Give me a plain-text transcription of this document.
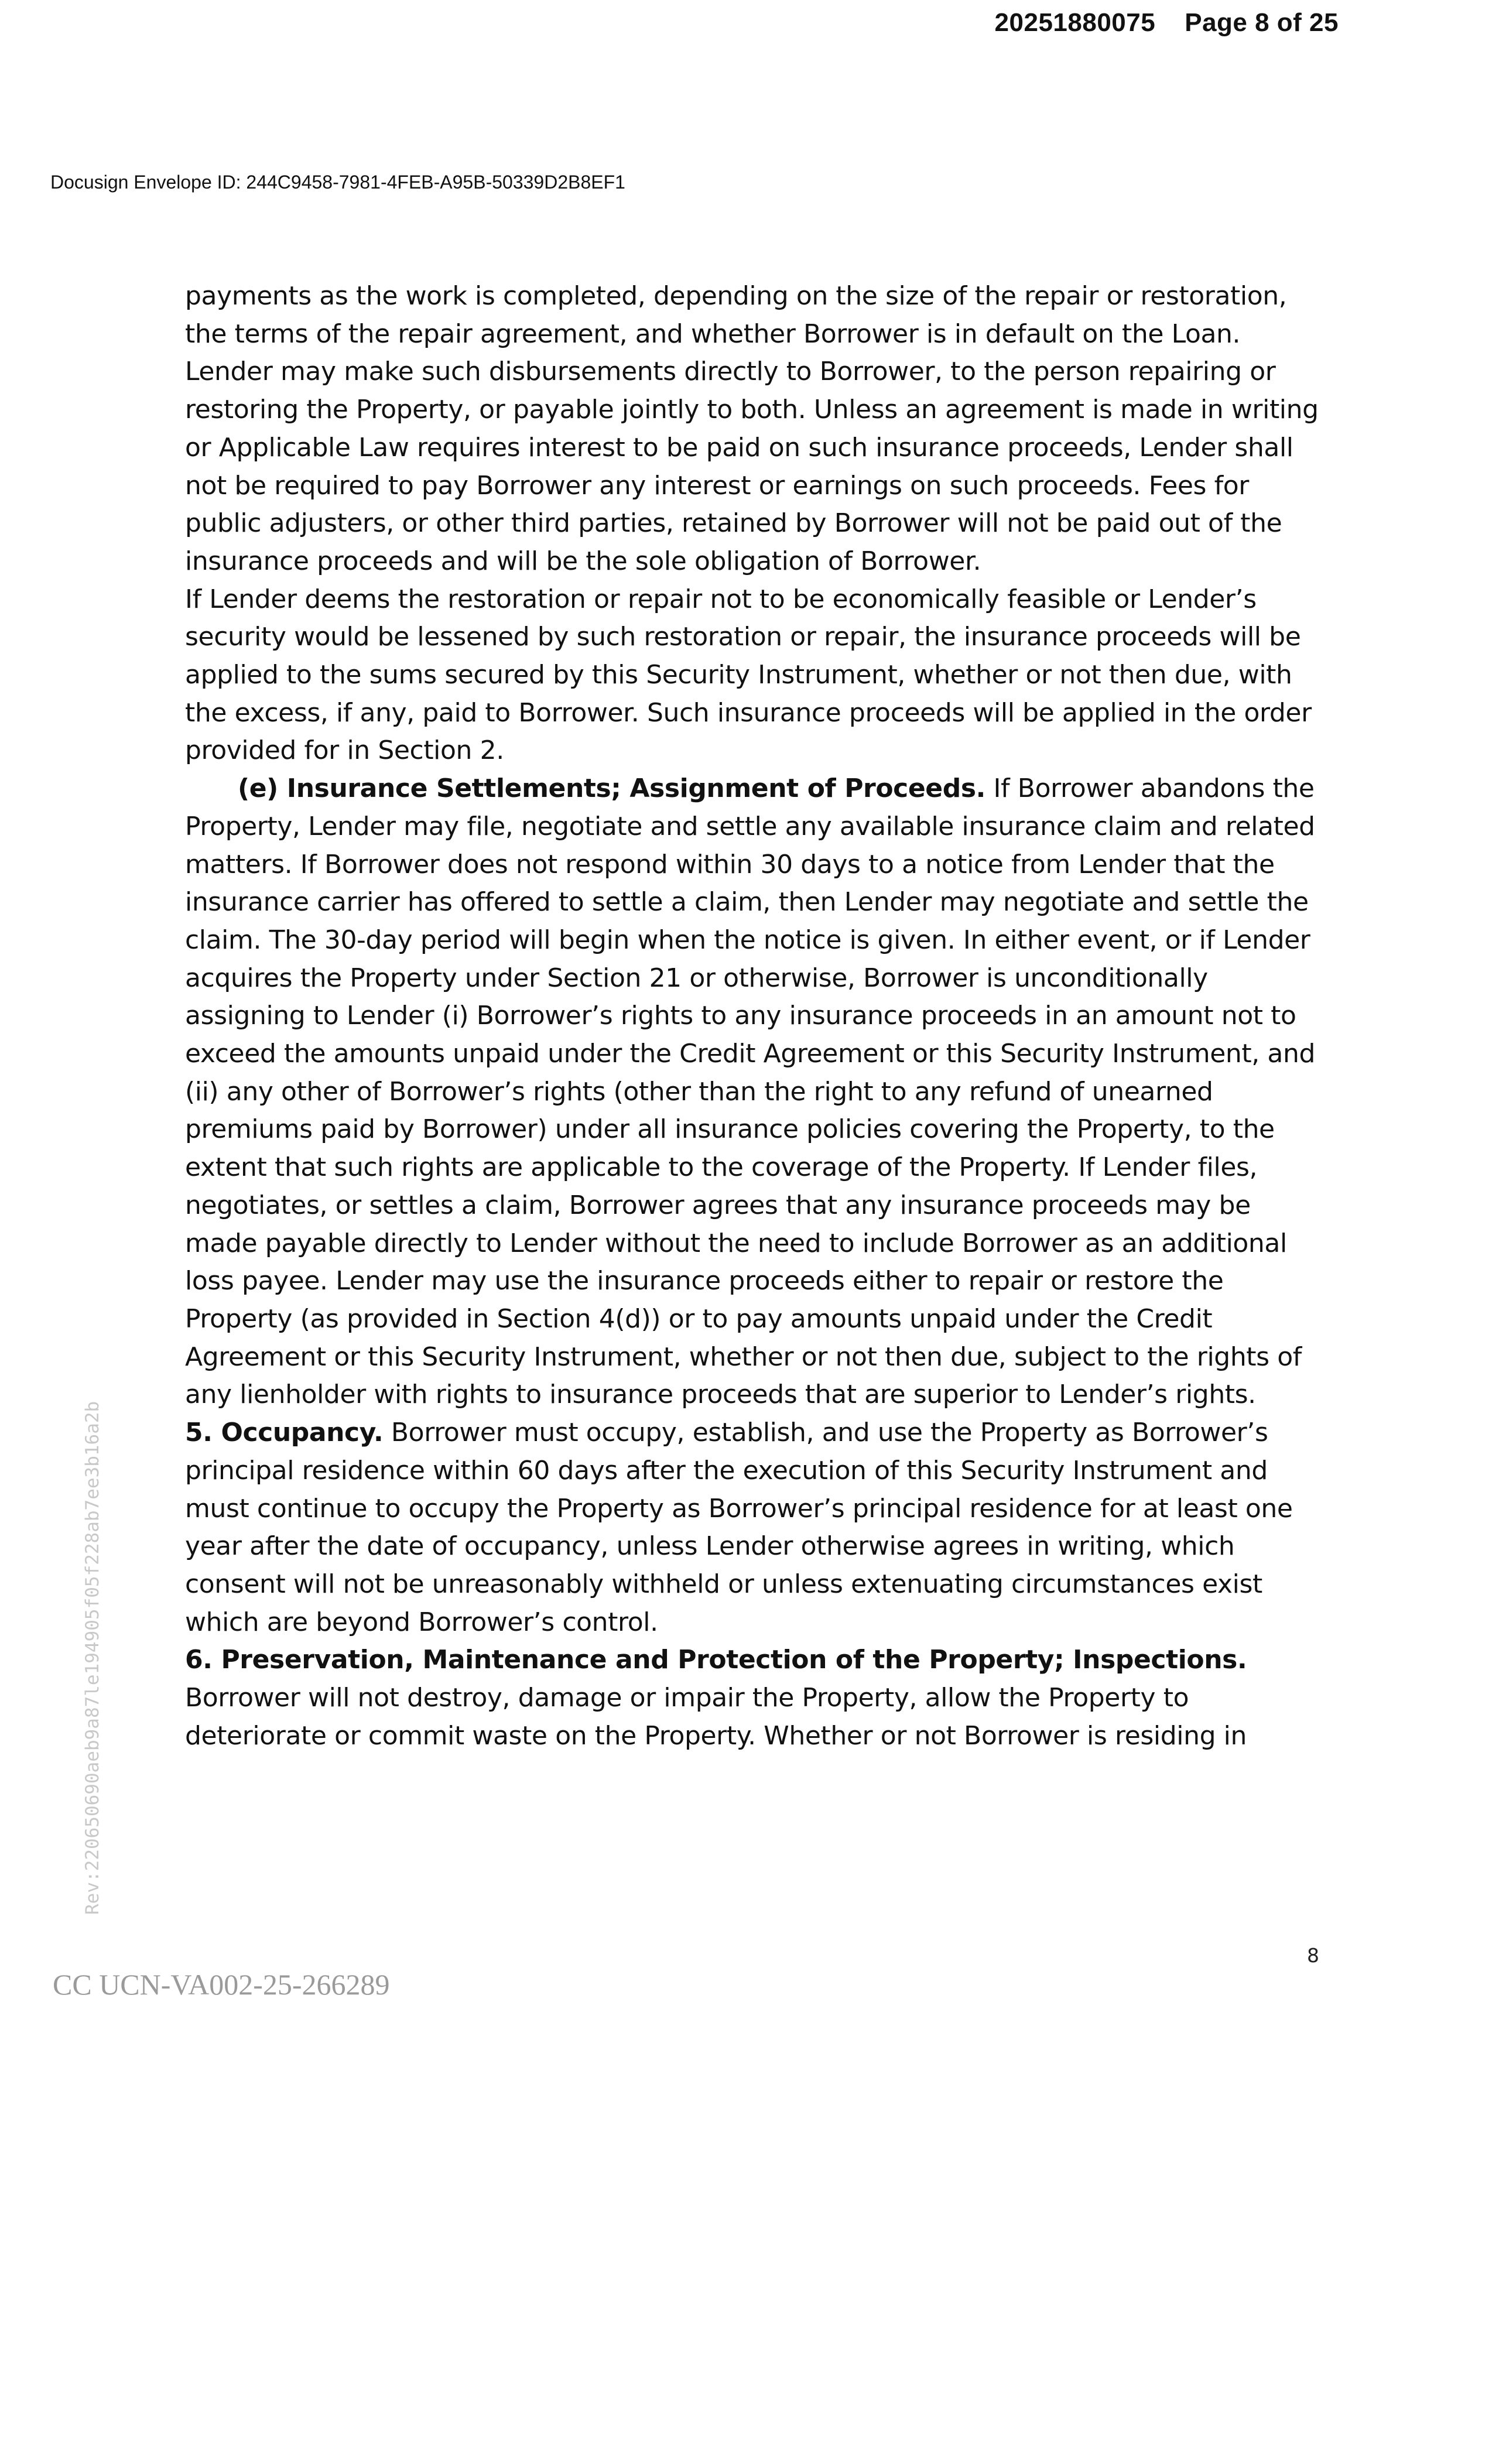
20251880075 Page 8 of 25
Docusign Envelope ID: 244C9458-7981-4FEB-A95B-50339D2B8EF1

payments as the work is completed, depending on the size of the repair or restoration, the terms of the repair agreement, and whether Borrower is in default on the Loan. Lender may make such disbursements directly to Borrower, to the person repairing or restoring the Property, or payable jointly to both. Unless an agreement is made in writing or Applicable Law requires interest to be paid on such insurance proceeds, Lender shall not be required to pay Borrower any interest or earnings on such proceeds. Fees for public adjusters, or other third parties, retained by Borrower will not be paid out of the insurance proceeds and will be the sole obligation of Borrower.

If Lender deems the restoration or repair not to be economically feasible or Lender’s security would be lessened by such restoration or repair, the insurance proceeds will be applied to the sums secured by this Security Instrument, whether or not then due, with the excess, if any, paid to Borrower. Such insurance proceeds will be applied in the order provided for in Section 2.

(e) Insurance Settlements; Assignment of Proceeds. If Borrower abandons the Property, Lender may file, negotiate and settle any available insurance claim and related matters. If Borrower does not respond within 30 days to a notice from Lender that the insurance carrier has offered to settle a claim, then Lender may negotiate and settle the claim. The 30-day period will begin when the notice is given. In either event, or if Lender acquires the Property under Section 21 or otherwise, Borrower is unconditionally assigning to Lender (i) Borrower’s rights to any insurance proceeds in an amount not to exceed the amounts unpaid under the Credit Agreement or this Security Instrument, and (ii) any other of Borrower’s rights (other than the right to any refund of unearned premiums paid by Borrower) under all insurance policies covering the Property, to the extent that such rights are applicable to the coverage of the Property. If Lender files, negotiates, or settles a claim, Borrower agrees that any insurance proceeds may be made payable directly to Lender without the need to include Borrower as an additional loss payee. Lender may use the insurance proceeds either to repair or restore the Property (as provided in Section 4(d)) or to pay amounts unpaid under the Credit Agreement or this Security Instrument, whether or not then due, subject to the rights of any lienholder with rights to insurance proceeds that are superior to Lender’s rights.

5. Occupancy. Borrower must occupy, establish, and use the Property as Borrower’s principal residence within 60 days after the execution of this Security Instrument and must continue to occupy the Property as Borrower’s principal residence for at least one year after the date of occupancy, unless Lender otherwise agrees in writing, which consent will not be unreasonably withheld or unless extenuating circumstances exist which are beyond Borrower’s control.

6. Preservation, Maintenance and Protection of the Property; Inspections.

Borrower will not destroy, damage or impair the Property, allow the Property to deteriorate or commit waste on the Property. Whether or not Borrower is residing in

Rev:220650690aeb9a87le194905f05f228ab7ee3b16a2b
8
CC UCN-VA002-25-266289
